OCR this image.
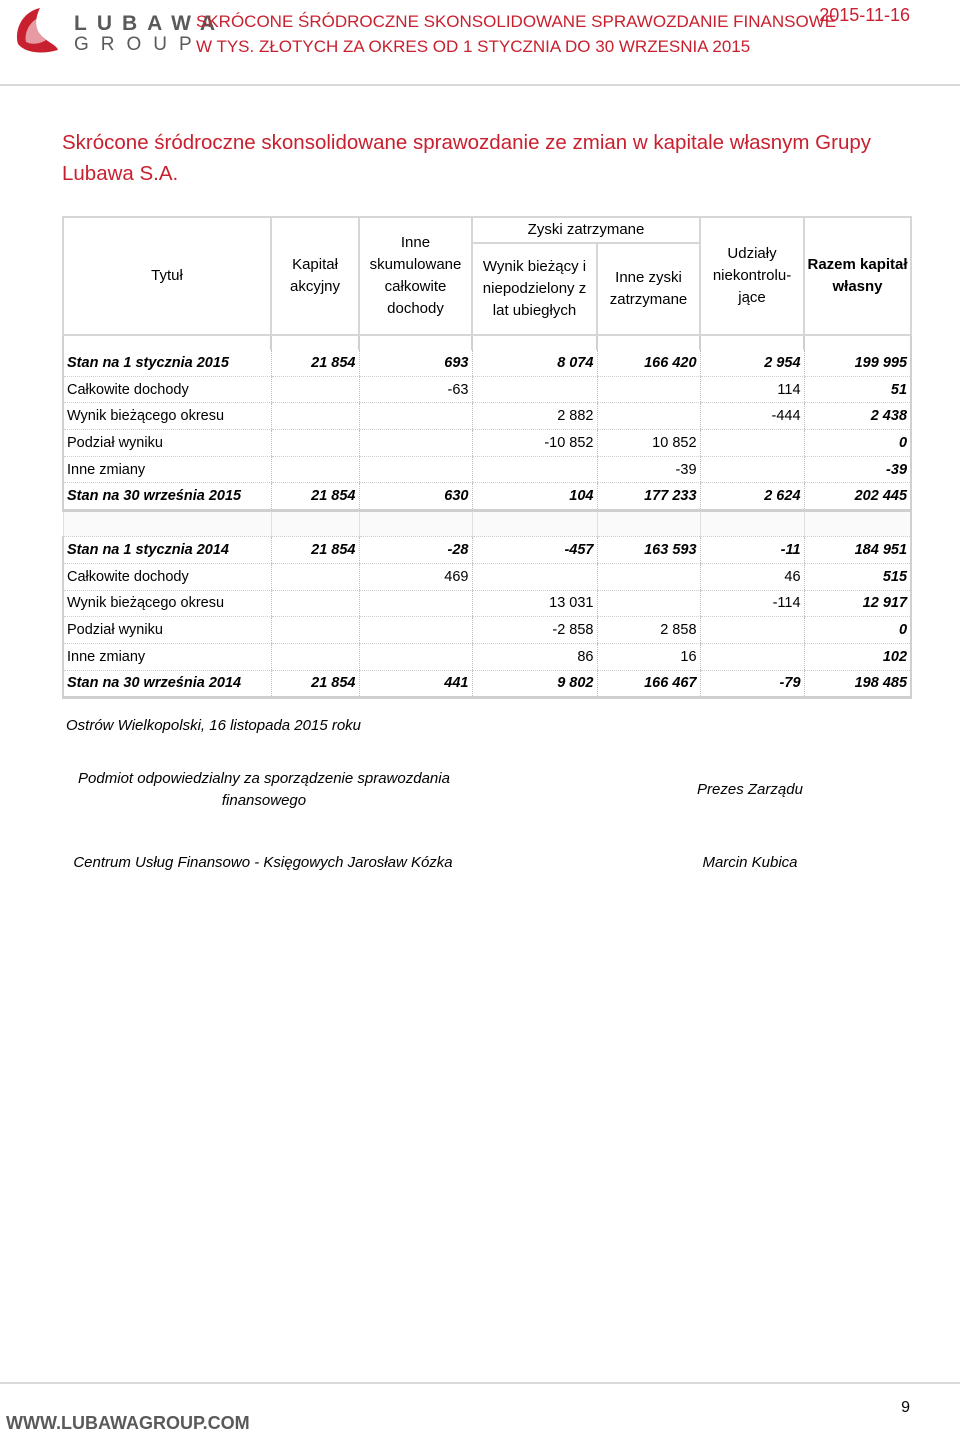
LUBAWA
GROUP
SKRÓCONE ŚRÓDROCZNE SKONSOLIDOWANE SPRAWOZDANIE FINANSOWE
W TYS. ZŁOTYCH ZA OKRES OD 1 STYCZNIA DO 30 WRZESNIA 2015
2015-11-16
Skrócone śródroczne skonsolidowane sprawozdanie ze zmian w kapitale własnym Grupy Lubawa S.A.
Tytuł	Kapitał akcyjny	Inne skumulowane całkowite dochody	Zyski zatrzymane		Udziały niekontrolu-jące	Razem kapitał własny
			Wynik bieżący i niepodzielony z lat ubiegłych	Inne zyski zatrzymane		

Stan na 1 stycznia 2015	21 854	693	8 074	166 420	2 954	199 995
Całkowite dochody		-63			114	51
Wynik bieżącego okresu			2 882		-444	2 438
Podział wyniku			-10 852	10 852		0
Inne zmiany				-39		-39
Stan na 30 września 2015	21 854	630	104	177 233	2 624	202 445

Stan na 1 stycznia 2014	21 854	-28	-457	163 593	-11	184 951
Całkowite dochody		469			46	515
Wynik bieżącego okresu			13 031		-114	12 917
Podział wyniku			-2 858	2 858		0
Inne zmiany			86	16		102
Stan na 30 września 2014	21 854	441	9 802	166 467	-79	198 485
Ostrów Wielkopolski, 16 listopada 2015 roku
Podmiot odpowiedzialny za sporządzenie sprawozdania finansowego
Prezes Zarządu
Centrum Usług Finansowo - Księgowych Jarosław Kózka	Marcin Kubica
WWW.LUBAWAGROUP.COM
9
